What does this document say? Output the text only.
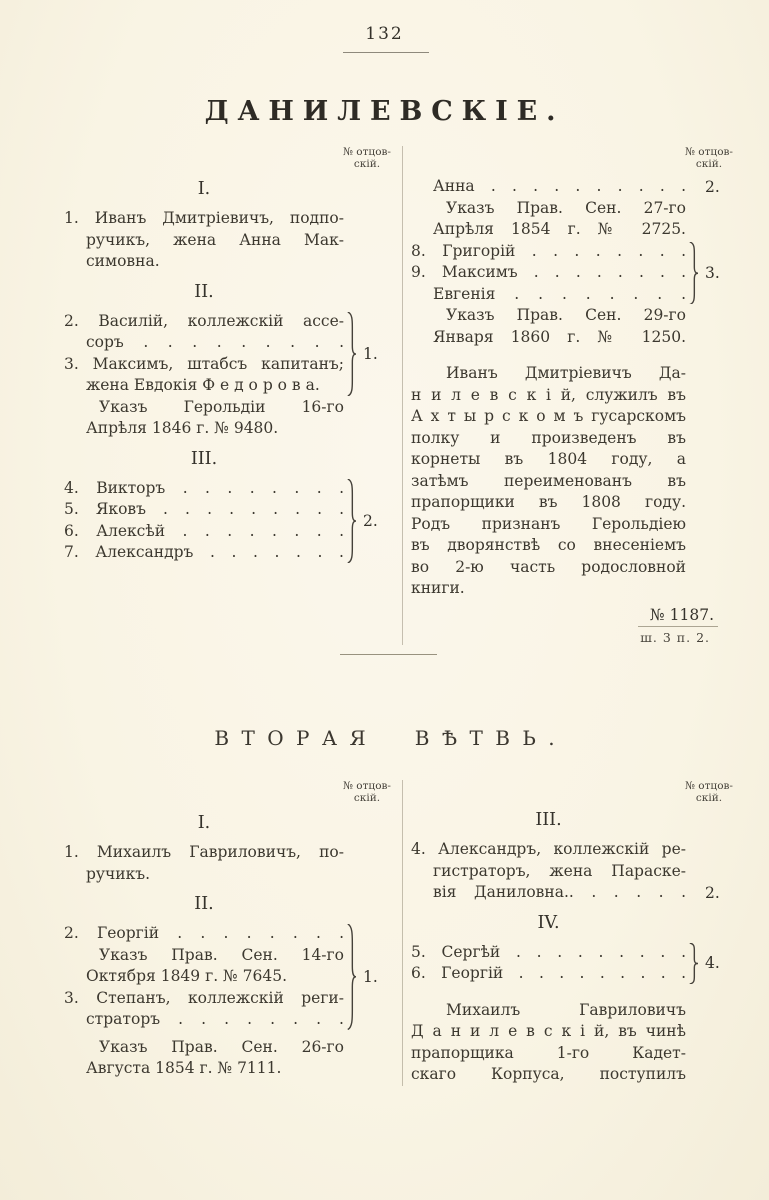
132
ДАНИЛЕВСКІЕ.
№ отцов-
скій.
I.
1. Иванъ Дмитріевичъ, подпо-
ручикъ, жена Анна Мак-
симовна.
II.
2. Василій, коллежскій ассе-
соръ . . . . . . . . .
3. Максимъ, штабсъ капитанъ;
жена Евдокія Ф е д о р о в а.
1.
Указъ Герольдіи 16-го
Апрѣля 1846 г. № 9480.
III.
4. Викторъ . . . . . . . .
5. Яковъ . . . . . . . . .
6. Алексѣй . . . . . . . .
7. Александръ . . . . . . .
2.
№ отцов-
скій.
Анна . . . . . . . . . .	2.
Указъ Прав. Сен. 27-го
Апрѣля 1854 г. № 2725.
8. Григорій . . . . . . . .
9. Максимъ . . . . . . . .
Евгенія . . . . . . . .
3.
Указъ Прав. Сен. 29-го
Января 1860 г. № 1250.
Иванъ Дмитріевичъ Да-
н и л е в с к і й, служилъ въ
А х т ы р с к о м ъ гусарскомъ
полку и произведенъ въ
корнеты въ 1804 году, а
затѣмъ переименованъ въ
прапорщики въ 1808 году.
Родъ признанъ Герольдіею
въ дворянствѣ со внесеніемъ
во 2-ю часть родословной
книги.
№ 1187.
ш. 3 п. 2.
ВТОРАЯ ВѢТВЬ.
№ отцов-
скій.
I.
1. Михаилъ Гавриловичъ, по-
ручикъ.
II.
2. Георгій . . . . . . . .
Указъ Прав. Сен. 14-го
Октября 1849 г. № 7645.
3. Степанъ, коллежскій реги-
страторъ . . . . . . . .
1.
Указъ Прав. Сен. 26-го
Августа 1854 г. № 7111.
№ отцов-
скій.
III.
4. Александръ, коллежскій ре-
гистраторъ, жена Параске-
вія Даниловна.. . . . . .	2.
IV.
5. Сергѣй . . . . . . . . .
6. Георгій . . . . . . . . .
4.
Михаилъ Гавриловичъ
Д а н и л е в с к і й, въ чинѣ
прапорщика 1-го Кадет-
скаго Корпуса, поступилъ
